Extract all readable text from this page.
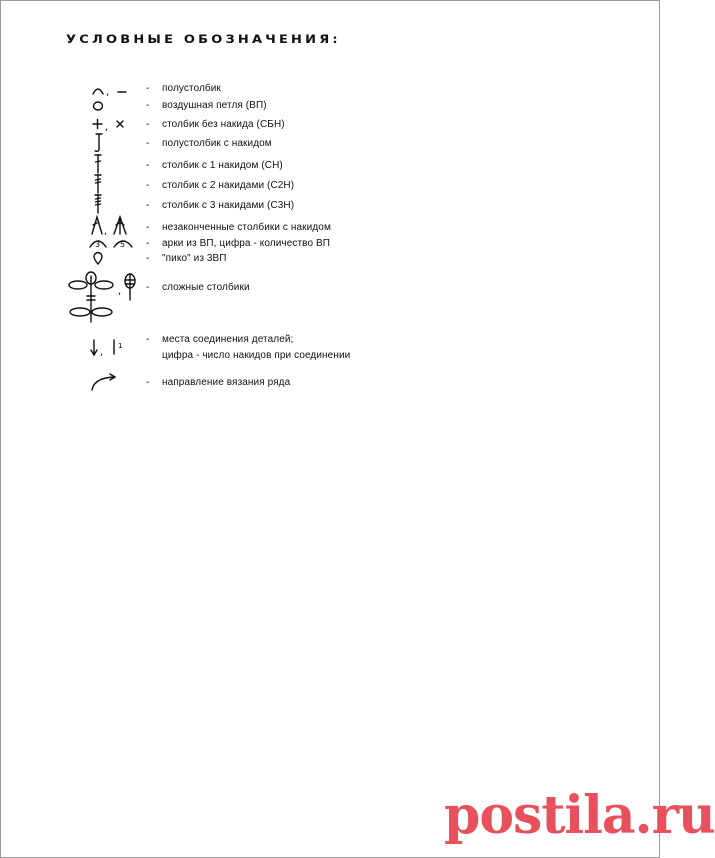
УСЛОВНЫЕ ОБОЗНАЧЕНИЯ:
,	- полустолбик
- воздушная петля (ВП)
,	- столбик без накида (СБН)
- полустолбик с накидом
- столбик с 1 накидом (СН)
- столбик с 2 накидами (С2Н)
- столбик с 3 накидами (С3Н)
,	- незаконченные столбики с накидом
3 5 - арки из ВП, цифра - количество ВП
- "пико" из 3ВП
, - сложные столбики
,
1
- места соединения деталей;
цифра - число накидов при соединении
- направление вязания ряда
postila.ru
